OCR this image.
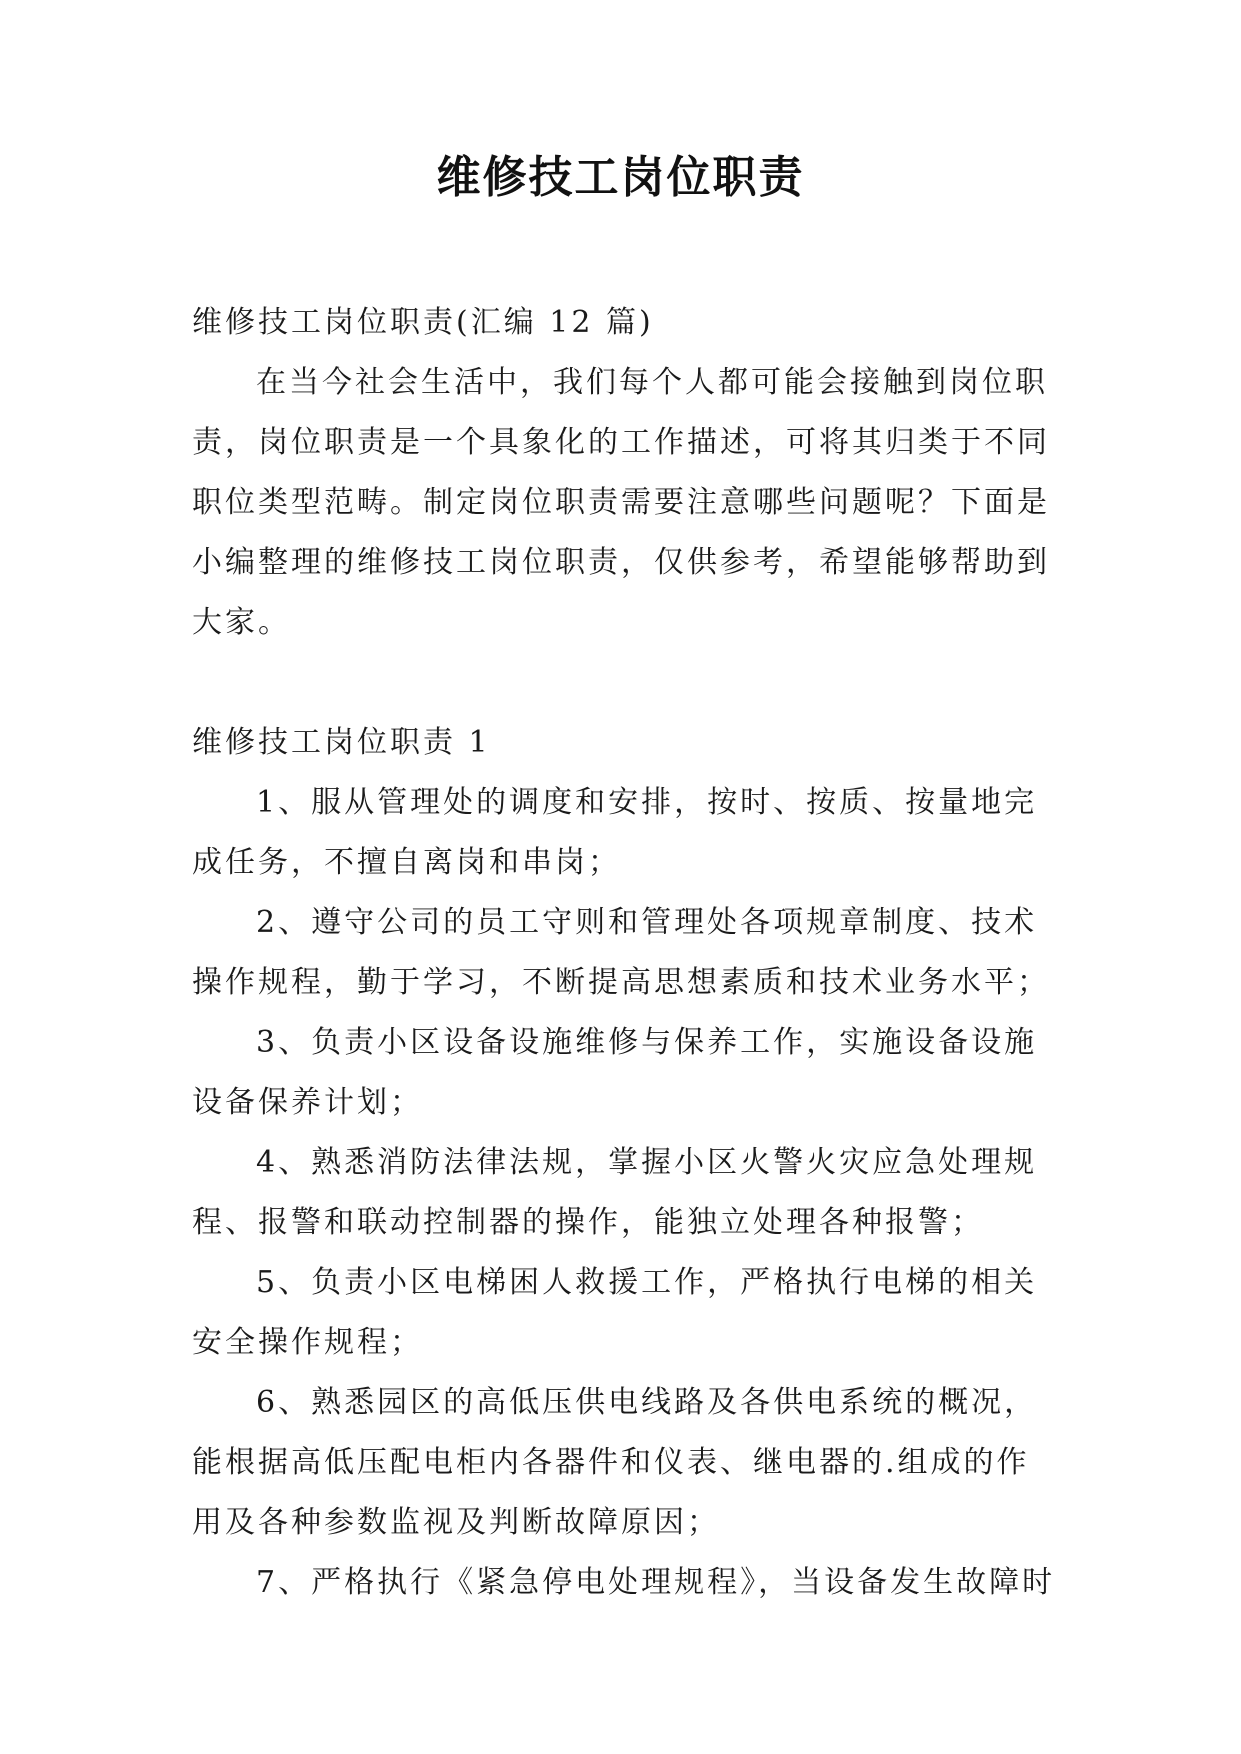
维修技工岗位职责
维修技工岗位职责(汇编 12 篇)
在当今社会生活中，我们每个人都可能会接触到岗位职
责，岗位职责是一个具象化的工作描述，可将其归类于不同
职位类型范畴。制定岗位职责需要注意哪些问题呢？下面是
小编整理的维修技工岗位职责，仅供参考，希望能够帮助到
大家。
维修技工岗位职责 1
1、服从管理处的调度和安排，按时、按质、按量地完
成任务，不擅自离岗和串岗；
2、遵守公司的员工守则和管理处各项规章制度、技术
操作规程，勤于学习，不断提高思想素质和技术业务水平；
3、负责小区设备设施维修与保养工作，实施设备设施
设备保养计划；
4、熟悉消防法律法规，掌握小区火警火灾应急处理规
程、报警和联动控制器的操作，能独立处理各种报警；
5、负责小区电梯困人救援工作，严格执行电梯的相关
安全操作规程；
6、熟悉园区的高低压供电线路及各供电系统的概况，
能根据高低压配电柜内各器件和仪表、继电器的.组成的作
用及各种参数监视及判断故障原因；
7、严格执行《紧急停电处理规程》，当设备发生故障时
